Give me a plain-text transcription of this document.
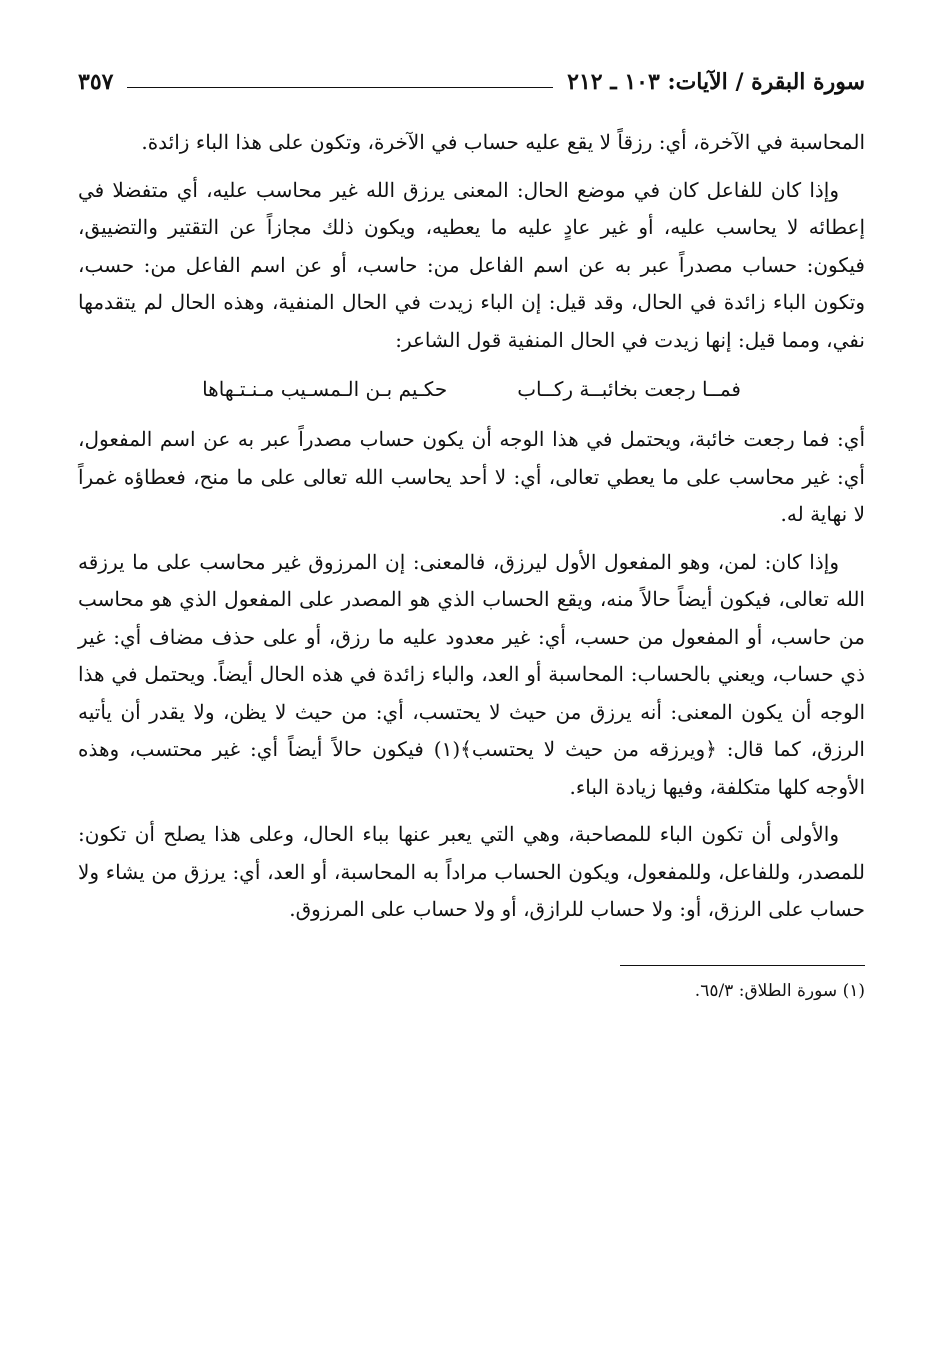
سورة البقرة / الآيات: ١٠٣ ـ ٢١٢
٣٥٧

المحاسبة في الآخرة، أي: رزقاً لا يقع عليه حساب في الآخرة، وتكون على هذا الباء زائدة.

وإذا كان للفاعل كان في موضع الحال: المعنى يرزق الله غير محاسب عليه، أي متفضلا في إعطائه لا يحاسب عليه، أو غير عادٍ عليه ما يعطيه، ويكون ذلك مجازاً عن التقتير والتضييق، فيكون: حساب مصدراً عبر به عن اسم الفاعل من: حاسب، أو عن اسم الفاعل من: حسب، وتكون الباء زائدة في الحال، وقد قيل: إن الباء زيدت في الحال المنفية، وهذه الحال لم يتقدمها نفي، ومما قيل: إنها زيدت في الحال المنفية قول الشاعر:

فمــا رجعت بخائبــة ركــاب
حكـيم بـن الـمسـيب مـنـتـهاها

أي: فما رجعت خائبة، ويحتمل في هذا الوجه أن يكون حساب مصدراً عبر به عن اسم المفعول، أي: غير محاسب على ما يعطي تعالى، أي: لا أحد يحاسب الله تعالى على ما منح، فعطاؤه غمراً لا نهاية له.

وإذا كان: لمن، وهو المفعول الأول ليرزق، فالمعنى: إن المرزوق غير محاسب على ما يرزقه الله تعالى، فيكون أيضاً حالاً منه، ويقع الحساب الذي هو المصدر على المفعول الذي هو محاسب من حاسب، أو المفعول من حسب، أي: غير معدود عليه ما رزق، أو على حذف مضاف أي: غير ذي حساب، ويعني بالحساب: المحاسبة أو العد، والباء زائدة في هذه الحال أيضاً. ويحتمل في هذا الوجه أن يكون المعنى: أنه يرزق من حيث لا يحتسب، أي: من حيث لا يظن، ولا يقدر أن يأتيه الرزق، كما قال: ﴿ويرزقه من حيث لا يحتسب﴾(١) فيكون حالاً أيضاً أي: غير محتسب، وهذه الأوجه كلها متكلفة، وفيها زيادة الباء.

والأولى أن تكون الباء للمصاحبة، وهي التي يعبر عنها بباء الحال، وعلى هذا يصلح أن تكون: للمصدر، وللفاعل، وللمفعول، ويكون الحساب مراداً به المحاسبة، أو العد، أي: يرزق من يشاء ولا حساب على الرزق، أو: ولا حساب للرازق، أو ولا حساب على المرزوق.

(١) سورة الطلاق: ٦٥/٣.
